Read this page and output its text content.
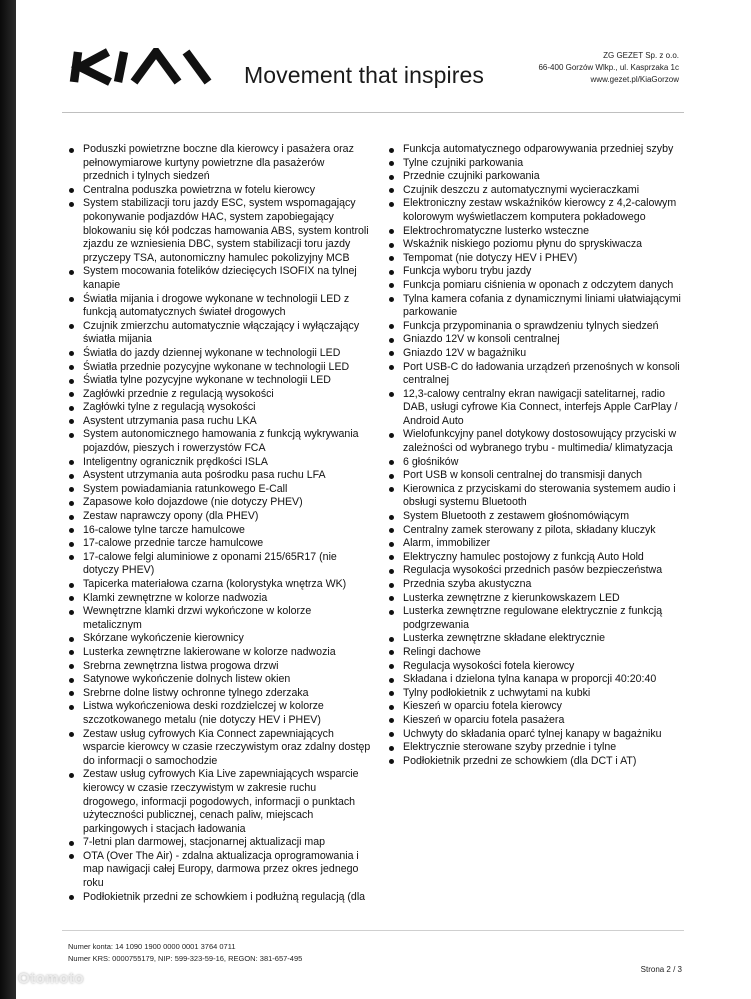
Movement that inspires
ZG GEZET Sp. z o.o.
66-400 Gorzów Wlkp., ul. Kasprzaka 1c
www.gezet.pl/KiaGorzow
Poduszki powietrzne boczne dla kierowcy i pasażera oraz pełnowymiarowe kurtyny powietrzne dla pasażerów przednich i tylnych siedzeń
Centralna poduszka powietrzna w fotelu kierowcy
System stabilizacji toru jazdy ESC, system wspomagający pokonywanie podjazdów HAC, system zapobiegający blokowaniu się kół podczas hamowania ABS, system kontroli zjazdu ze wzniesienia DBC, system stabilizacji toru jazdy przyczepy TSA, autonomiczny hamulec pokolizyjny MCB
System mocowania fotelików dziecięcych ISOFIX na tylnej kanapie
Światła mijania i drogowe wykonane w technologii LED z funkcją automatycznych świateł drogowych
Czujnik zmierzchu automatycznie włączający i wyłączający światła mijania
Światła do jazdy dziennej wykonane w technologii LED
Światła przednie pozycyjne wykonane w technologii LED
Światła tylne pozycyjne wykonane w technologii LED
Zagłówki przednie z regulacją wysokości
Zagłówki tylne z regulacją wysokości
Asystent utrzymania pasa ruchu LKA
System autonomicznego hamowania z funkcją wykrywania pojazdów, pieszych i rowerzystów FCA
Inteligentny ogranicznik prędkości ISLA
Asystent utrzymania auta pośrodku pasa ruchu LFA
System powiadamiania ratunkowego E-Call
Zapasowe koło dojazdowe (nie dotyczy PHEV)
Zestaw naprawczy opony (dla PHEV)
16-calowe tylne tarcze hamulcowe
17-calowe przednie tarcze hamulcowe
17-calowe felgi aluminiowe z oponami 215/65R17 (nie dotyczy PHEV)
Tapicerka materiałowa czarna (kolorystyka wnętrza WK)
Klamki zewnętrzne w kolorze nadwozia
Wewnętrzne klamki drzwi wykończone w kolorze metalicznym
Skórzane wykończenie kierownicy
Lusterka zewnętrzne lakierowane w kolorze nadwozia
Srebrna zewnętrzna listwa progowa drzwi
Satynowe wykończenie dolnych listew okien
Srebrne dolne listwy ochronne tylnego zderzaka
Listwa wykończeniowa deski rozdzielczej w kolorze szczotkowanego metalu (nie dotyczy HEV i PHEV)
Zestaw usług cyfrowych Kia Connect zapewniających wsparcie kierowcy w czasie rzeczywistym oraz zdalny dostęp do informacji o samochodzie
Zestaw usług cyfrowych Kia Live zapewniających wsparcie kierowcy w czasie rzeczywistym w zakresie ruchu drogowego, informacji pogodowych, informacji o punktach użyteczności publicznej, cenach paliw, miejscach parkingowych i stacjach ładowania
7-letni plan darmowej, stacjonarnej aktualizacji map
OTA (Over The Air) - zdalna aktualizacja oprogramowania i map nawigacji całej Europy, darmowa przez okres jednego roku
Podłokietnik przedni ze schowkiem i podłużną regulacją (dla
Funkcja automatycznego odparowywania przedniej szyby
Tylne czujniki parkowania
Przednie czujniki parkowania
Czujnik deszczu z automatycznymi wycieraczkami
Elektroniczny zestaw wskaźników kierowcy z 4,2-calowym kolorowym wyświetlaczem komputera pokładowego
Elektrochromatyczne lusterko wsteczne
Wskaźnik niskiego poziomu płynu do spryskiwacza
Tempomat (nie dotyczy HEV i PHEV)
Funkcja wyboru trybu jazdy
Funkcja pomiaru ciśnienia w oponach z odczytem danych
Tylna kamera cofania z dynamicznymi liniami ułatwiającymi parkowanie
Funkcja przypominania o sprawdzeniu tylnych siedzeń
Gniazdo 12V w konsoli centralnej
Gniazdo 12V w bagażniku
Port USB-C do ładowania urządzeń przenośnych w konsoli centralnej
12,3-calowy centralny ekran nawigacji satelitarnej, radio DAB, usługi cyfrowe Kia Connect, interfejs Apple CarPlay / Android Auto
Wielofunkcyjny panel dotykowy dostosowujący przyciski w zależności od wybranego trybu - multimedia/ klimatyzacja
6 głośników
Port USB w konsoli centralnej do transmisji danych
Kierownica z przyciskami do sterowania systemem audio i obsługi systemu Bluetooth
System Bluetooth z zestawem głośnomówiącym
Centralny zamek sterowany z pilota, składany kluczyk
Alarm, immobilizer
Elektryczny hamulec postojowy z funkcją Auto Hold
Regulacja wysokości przednich pasów bezpieczeństwa
Przednia szyba akustyczna
Lusterka zewnętrzne z kierunkowskazem LED
Lusterka zewnętrzne regulowane elektrycznie z funkcją podgrzewania
Lusterka zewnętrzne składane elektrycznie
Relingi dachowe
Regulacja wysokości fotela kierowcy
Składana i dzielona tylna kanapa w proporcji 40:20:40
Tylny podłokietnik z uchwytami na kubki
Kieszeń w oparciu fotela kierowcy
Kieszeń w oparciu fotela pasażera
Uchwyty do składania oparć tylnej kanapy w bagażniku
Elektrycznie sterowane szyby przednie i tylne
Podłokietnik przedni ze schowkiem (dla DCT i AT)
Numer konta: 14 1090 1900 0000 0001 3764 0711
Numer KRS: 0000755179, NIP: 599-323-59-16, REGON: 381-657-495
Strona 2 / 3
Otomoto
